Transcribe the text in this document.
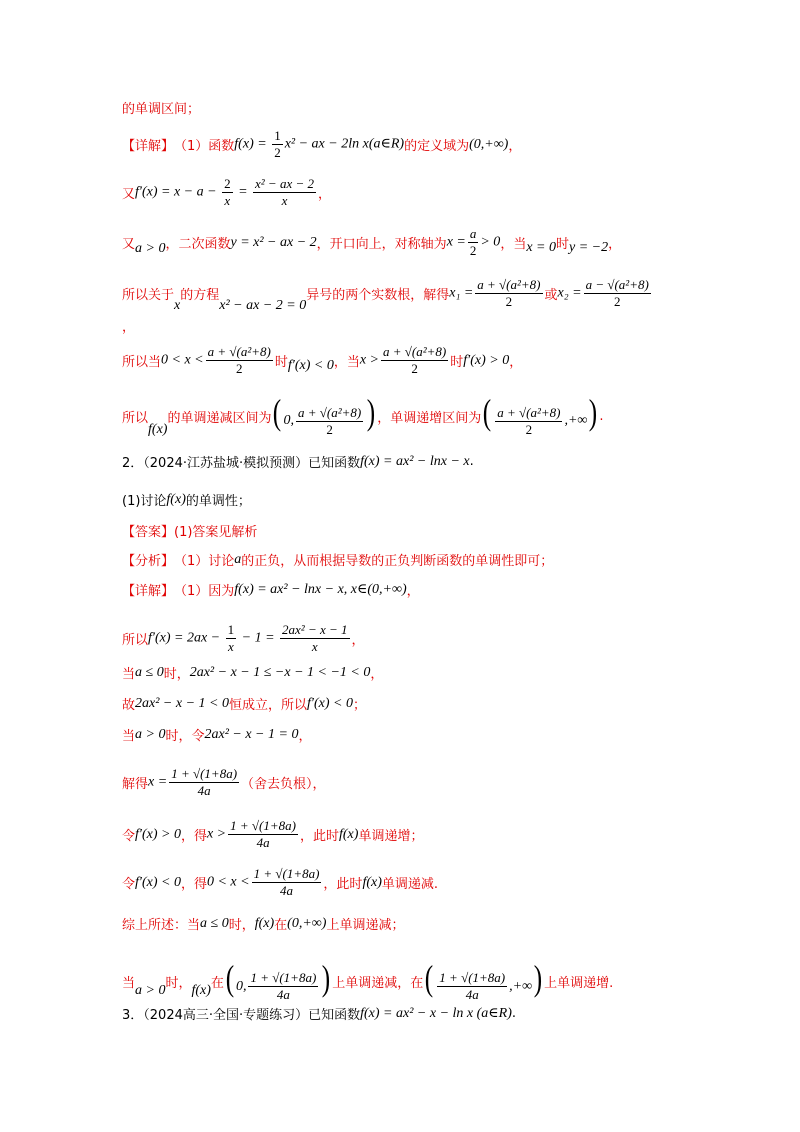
的单调区间；
【详解】 （1）函数 $f(x) = \frac{1}{2} x^2$ − ax − 2ln x(a∈R) 的定义域为 (0,+∞) ，
又 $f'(x) = x - a - \frac{2}{x} = \frac{\text{x² − ax − 2}}{x}$ ，
又 a > 0 ，二次函数 y = x² − ax − 2 ，开口向上，对称轴为 $x = \frac{a}{2} > 0$ ，当 x = 0 时 y = −2 ，
所以关于
x
的方程
x² − ax − 2 = 0
异号的两个实数根，解得 $x_1 = \frac{\text{a + √(a²+8)}}{2}$ 或 $x_2 = \frac{\text{a − √(a²+8)}}{2}$
，
所以当 $0 < x < \frac{\text{a + √(a²+8)}}{2}$ 时 f′(x) < 0 ，当 $x > \frac{\text{a + √(a²+8)}}{2}$ 时 f′(x) > 0 ，
所以
f(x)
的单调递减区间为 ( 0, $\frac{\text{a + √(a²+8)}}{2}$ ) ，单调递增区间为 ( $\frac{\text{a + √(a²+8)}}{2}$ ,+∞) .
2．（2024·江苏盐城·模拟预测）已知函数 f(x) = ax² − lnx − x .
(1)讨论 f(x) 的单调性；
【答案】(1)答案见解析
【分析】 （1）讨论 a 的正负，从而根据导数的正负判断函数的单调性即可；
【详解】 （1）因为 f(x) = ax² − lnx − x, x∈(0,+∞) ，
所以 $f'(x) = 2ax - \frac{1}{x} - 1 = \frac{\text{2ax² − x − 1}}{x}$ ，
当 a ≤ 0 时， 2ax² − x − 1 ≤ −x − 1 < −1 < 0 ，
故 2ax² − x − 1 < 0 恒成立，所以 f′(x) < 0 ；
当 a > 0 时，令 2ax² − x − 1 = 0 ，
解得 $x = \frac{1 + √(1+8a)}{4a}$ （舍去负根），
令 f′(x) > 0 ，得 $x > \frac{1 + √(1+8a)}{4a}$ ，此时 f(x) 单调递增；
令 f′(x) < 0 ，得 $0 < x < \frac{1 + √(1+8a)}{4a}$ ，此时 f(x) 单调递减.
综上所述：当 a ≤ 0 时， f(x) 在 (0,+∞) 上单调递减；
当 a > 0 时， f(x) 在 ( 0, $\frac{1 + √(1+8a)}{4a}$ ) 上单调递减，在 ( $\frac{1 + √(1+8a)}{4a}$ ,+∞) 上单调递增.
3．（2024高三·全国·专题练习）已知函数 f(x) = ax² − x − ln x (a∈R) .
